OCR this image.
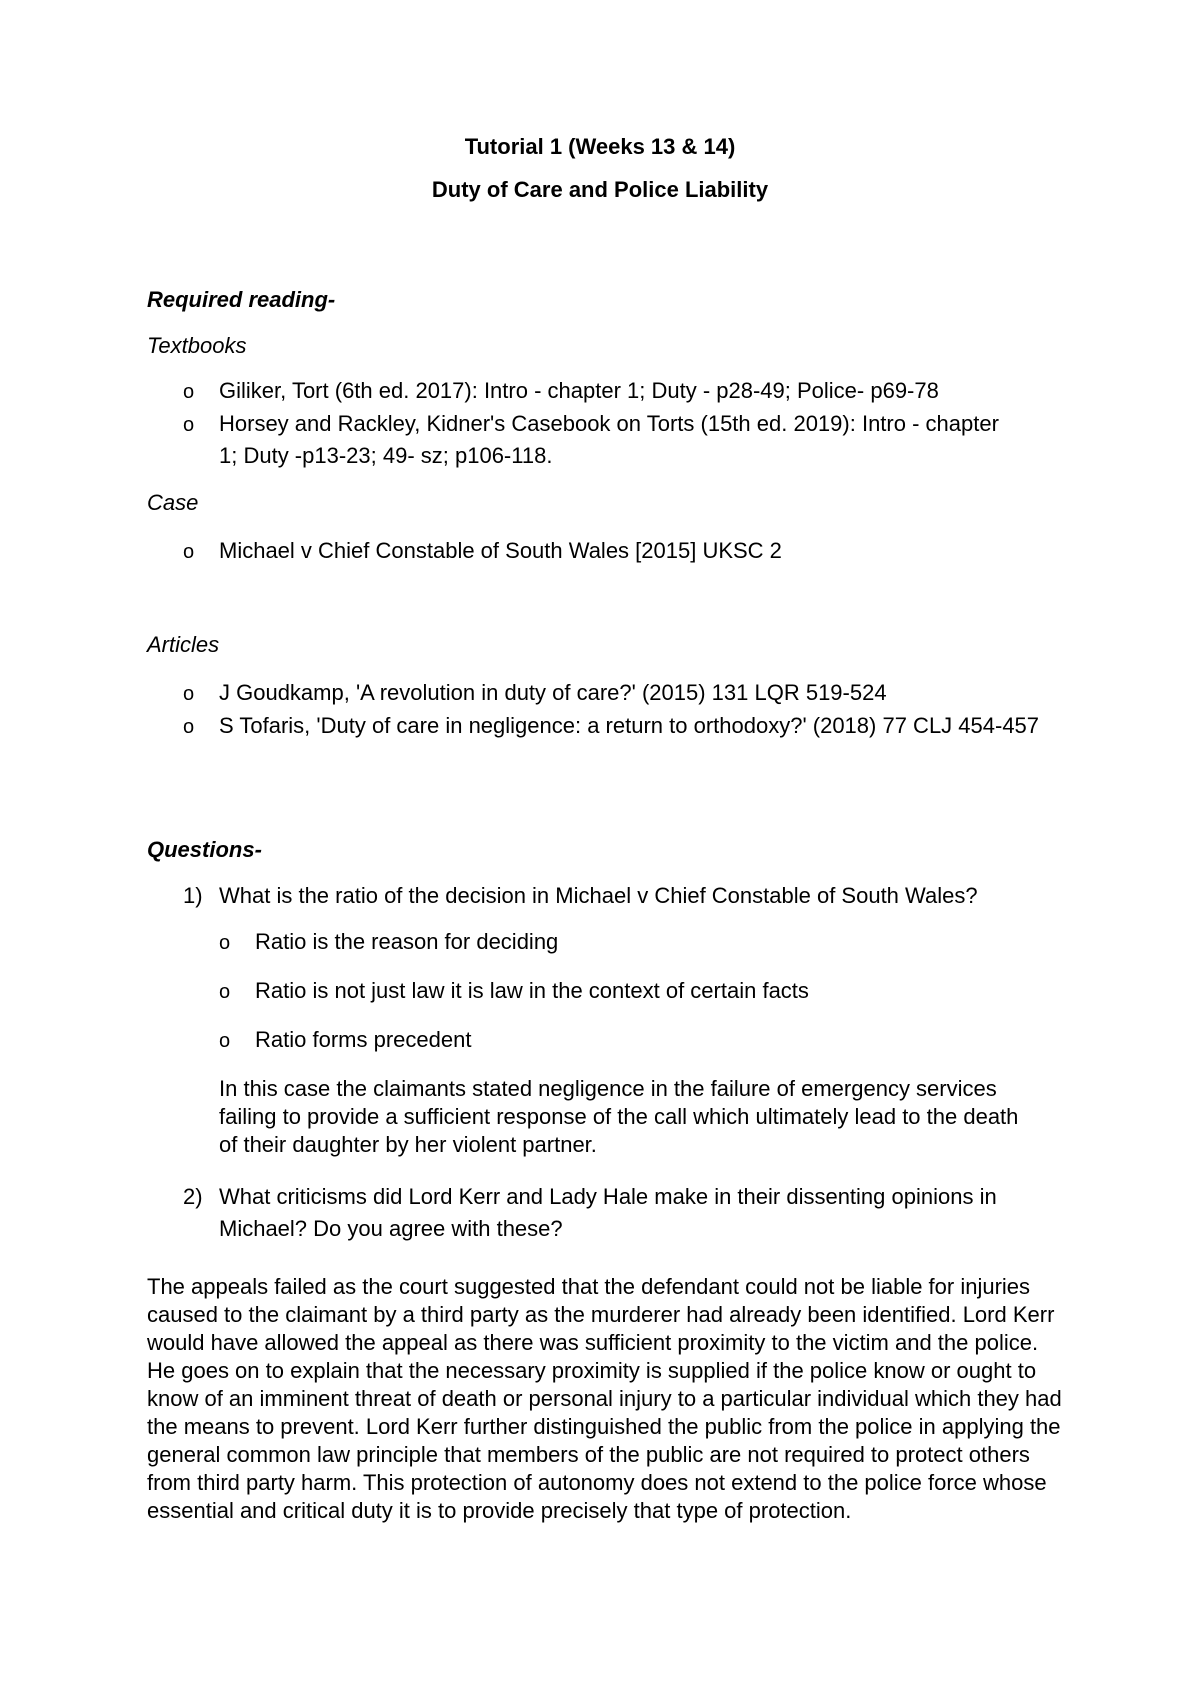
Tutorial 1 (Weeks 13 & 14)
Duty of Care and Police Liability
Required reading-
Textbooks
o Giliker, Tort (6th ed. 2017): Intro - chapter 1; Duty - p28-49; Police- p69-78
o Horsey and Rackley, Kidner's Casebook on Torts (15th ed. 2019): Intro - chapter 1; Duty -p13-23; 49- sz; p106-118.
Case
o Michael v Chief Constable of South Wales [2015] UKSC 2
Articles
o J Goudkamp, 'A revolution in duty of care?' (2015) 131 LQR 519-524
o S Tofaris, 'Duty of care in negligence: a return to orthodoxy?' (2018) 77 CLJ 454-457
Questions-
1) What is the ratio of the decision in Michael v Chief Constable of South Wales?
o Ratio is the reason for deciding
o Ratio is not just law it is law in the context of certain facts
o Ratio forms precedent
In this case the claimants stated negligence in the failure of emergency services failing to provide a sufficient response of the call which ultimately lead to the death of their daughter by her violent partner.
2) What criticisms did Lord Kerr and Lady Hale make in their dissenting opinions in Michael? Do you agree with these?
The appeals failed as the court suggested that the defendant could not be liable for injuries caused to the claimant by a third party as the murderer had already been identified. Lord Kerr would have allowed the appeal as there was sufficient proximity to the victim and the police. He goes on to explain that the necessary proximity is supplied if the police know or ought to know of an imminent threat of death or personal injury to a particular individual which they had the means to prevent. Lord Kerr further distinguished the public from the police in applying the general common law principle that members of the public are not required to protect others from third party harm. This protection of autonomy does not extend to the police force whose essential and critical duty it is to provide precisely that type of protection.
